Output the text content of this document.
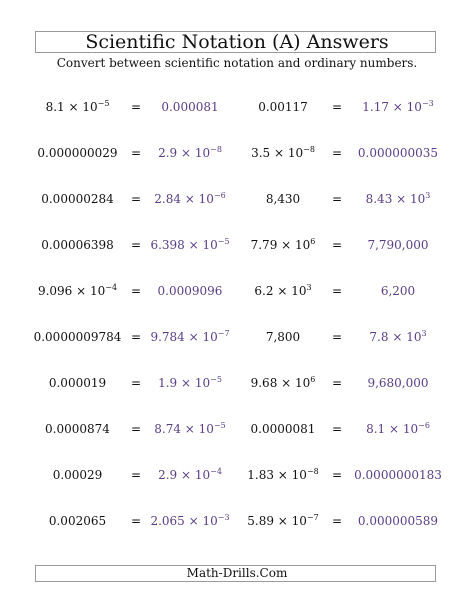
Scientific Notation (A) Answers
Convert between scientific notation and ordinary numbers.
$8.1 \times 10^{-5}$	=	0.000081	0.00117	=	$1.17 \times 10^{-3}$
0.000000029	=	$2.9 \times 10^{-8}$	$3.5 \times 10^{-8}$	=	0.000000035
0.00000284	=	$2.84 \times 10^{-6}$	8,430	=	$8.43 \times 10^3$
0.00006398	= $6.398 \times 10^{-5}$	$7.79 \times 10^6$	=	7,790,000
$9.096 \times 10^{-4}$	=	0.0009096	$6.2 \times 10^3$	=	6,200
$0.0000009784 = 9.784 \times 10^{-7}$	7,800	=	$7.8 \times 10^3$
0.000019	=	$1.9 \times 10^{-5}$	$9.68 \times 10^6$	=	9,680,000
0.0000874	=	$8.74 \times 10^{-5}$	0.0000081	=	$8.1 \times 10^{-6}$
0.00029	=	$2.9 \times 10^{-4}$	$1.83 \times 10^{-8}$	=	0.0000000183
0.002065	= $2.065 \times 10^{-3}$	$5.89 \times 10^{-7}$	=	0.000000589
Math-Drills.Com
